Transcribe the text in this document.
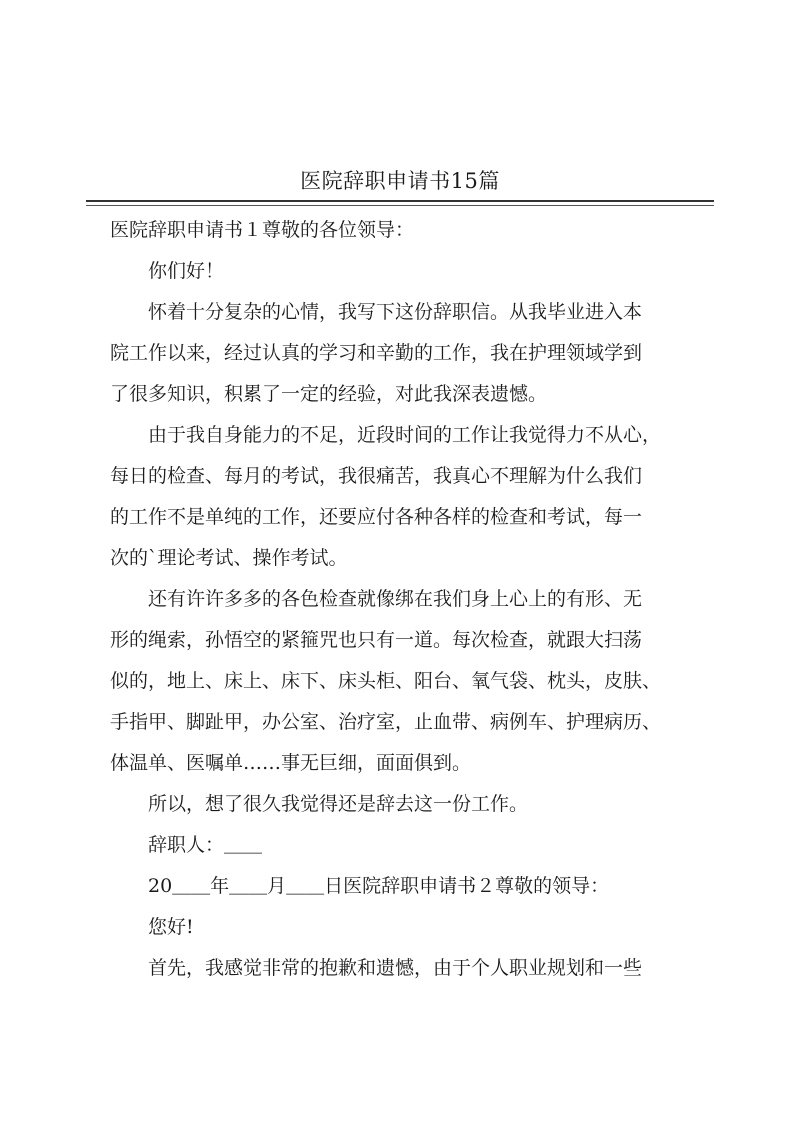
医院辞职申请书15篇

医院辞职申请书１尊敬的各位领导：

你们好！

怀着十分复杂的心情，我写下这份辞职信。从我毕业进入本
院工作以来，经过认真的学习和辛勤的工作，我在护理领域学到
了很多知识，积累了一定的经验，对此我深表遗憾。
由于我自身能力的不足，近段时间的工作让我觉得力不从心，
每日的检查、每月的考试，我很痛苦，我真心不理解为什么我们
的工作不是单纯的工作，还要应付各种各样的检查和考试，每一
次的`理论考试、操作考试。
还有许许多多的各色检查就像绑在我们身上心上的有形、无
形的绳索，孙悟空的紧箍咒也只有一道。每次检查，就跟大扫荡
似的，地上、床上、床下、床头柜、阳台、氧气袋、枕头，皮肤、
手指甲、脚趾甲，办公室、治疗室，止血带、病例车、护理病历、
体温单、医嘱单……事无巨细，面面俱到。

所以，想了很久我觉得还是辞去这一份工作。

辞职人：＿＿

20＿＿年＿＿月＿＿日医院辞职申请书２尊敬的领导：

您好!

首先，我感觉非常的抱歉和遗憾，由于个人职业规划和一些
